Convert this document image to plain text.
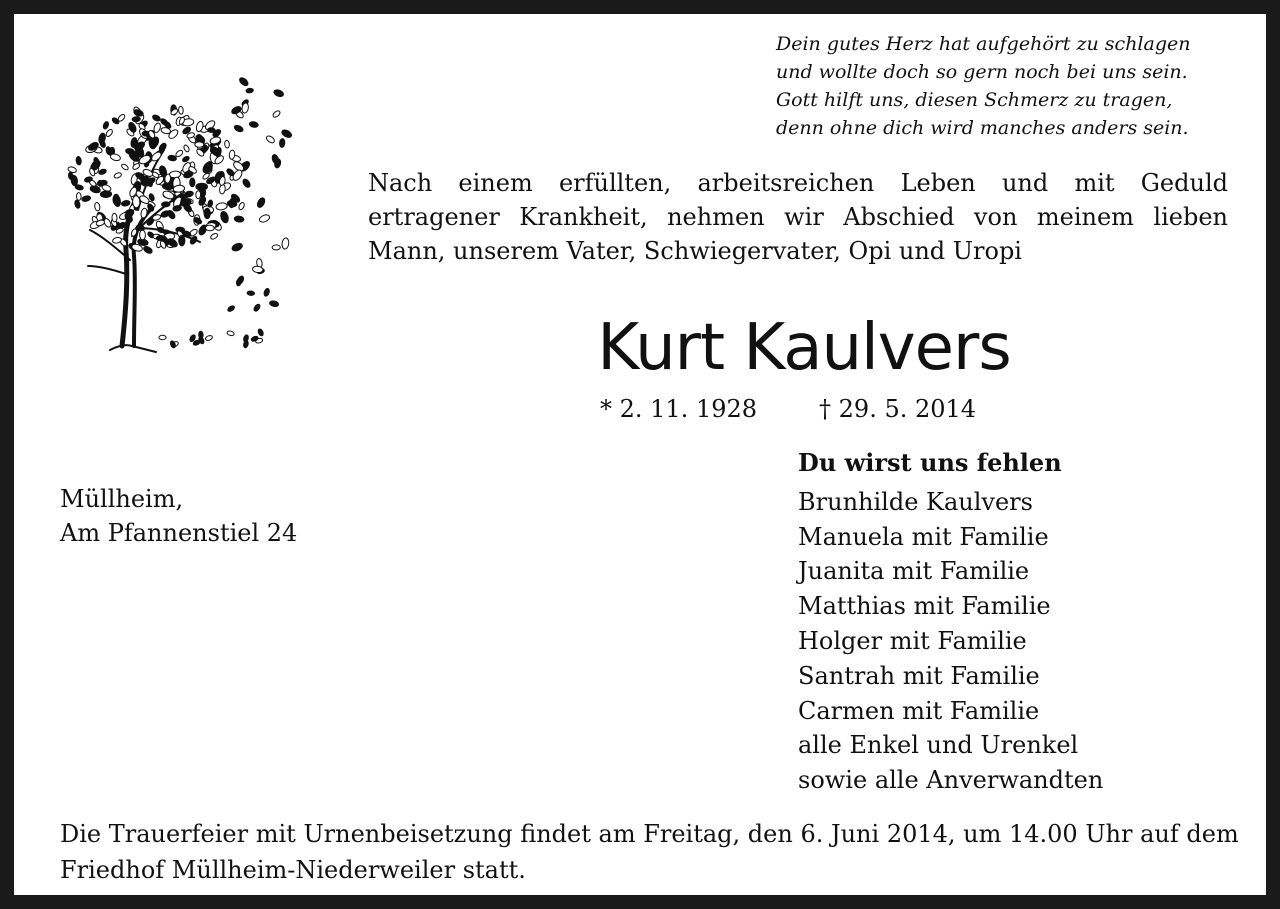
Dein gutes Herz hat aufgehört zu schlagen
und wollte doch so gern noch bei uns sein.
Gott hilft uns, diesen Schmerz zu tragen,
denn ohne dich wird manches anders sein.
Nach einem erfüllten, arbeitsreichen Leben und mit Geduld ertragener Krankheit, nehmen wir Abschied von meinem lieben Mann, unserem Vater, Schwiegervater, Opi und Uropi
Kurt Kaulvers
* 2. 11. 1928	† 29. 5. 2014
Müllheim,
Am Pfannenstiel 24
Du wirst uns fehlen
Brunhilde Kaulvers
Manuela mit Familie
Juanita mit Familie
Matthias mit Familie
Holger mit Familie
Santrah mit Familie
Carmen mit Familie
alle Enkel und Urenkel
sowie alle Anverwandten
Die Trauerfeier mit Urnenbeisetzung findet am Freitag, den 6. Juni 2014, um 14.00 Uhr auf dem Friedhof Müllheim-Niederweiler statt.
